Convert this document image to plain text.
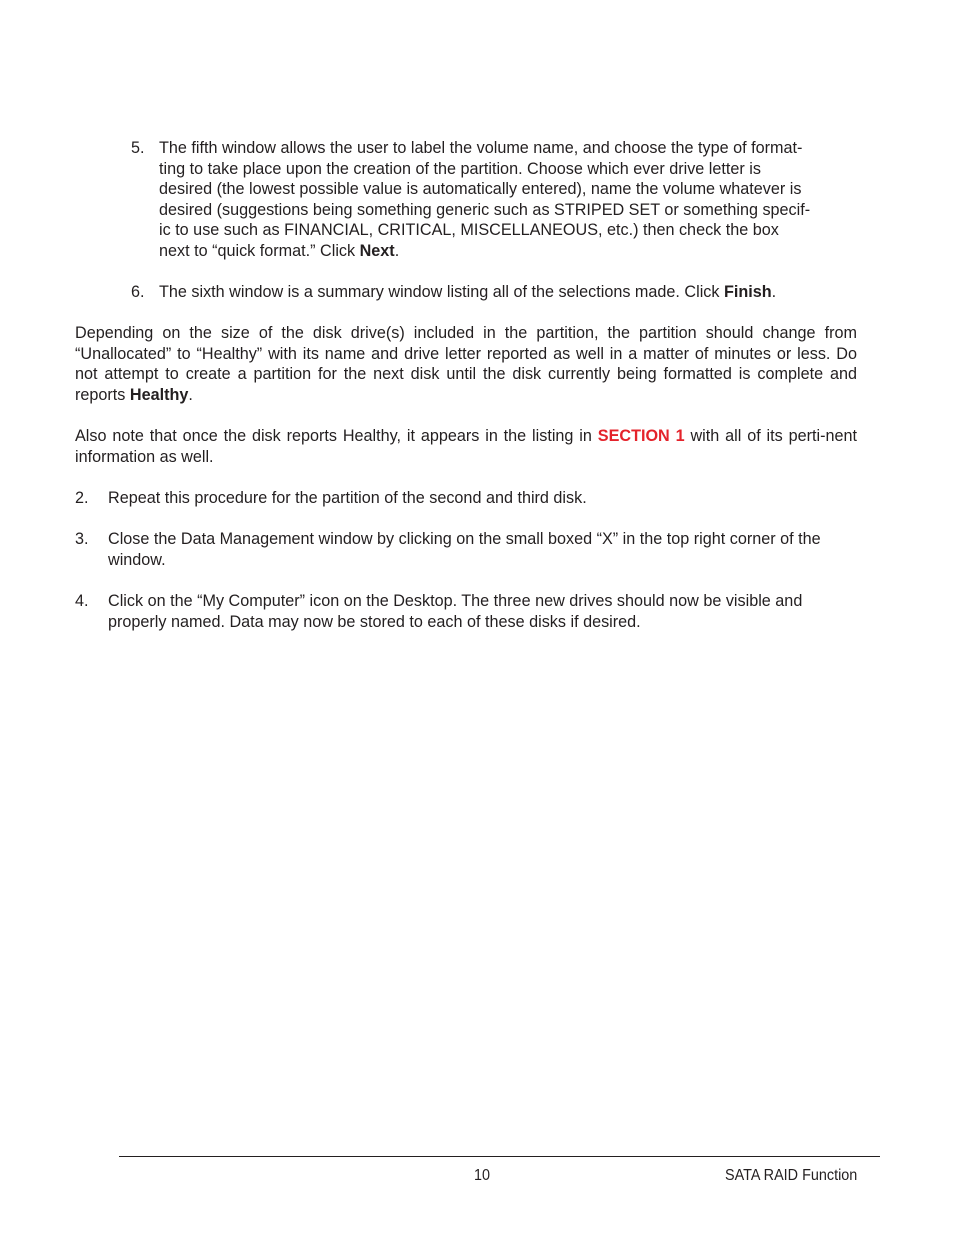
5. The fifth window allows the user to label the volume name, and choose the type of format-
ting to take place upon the creation of the partition. Choose which ever drive letter is
desired (the lowest possible value is automatically entered), name the volume whatever is
desired (suggestions being something generic such as STRIPED SET or something specif-
ic to use such as FINANCIAL, CRITICAL, MISCELLANEOUS, etc.) then check the box
next to “quick format.” Click Next.
6. The sixth window is a summary window listing all of the selections made. Click Finish.
Depending on the size of the disk drive(s) included in the partition, the partition should change from “Unallocated” to “Healthy” with its name and drive letter reported as well in a matter of minutes or less. Do not attempt to create a partition for the next disk until the disk currently being formatted is complete and reports Healthy.
Also note that once the disk reports Healthy, it appears in the listing in SECTION 1 with all of its perti-nent information as well.
2.	Repeat this procedure for the partition of the second and third disk.
3.	Close the Data Management window by clicking on the small boxed “X” in the top right corner of the window.
4.	Click on the “My Computer” icon on the Desktop. The three new drives should now be visible and properly named. Data may now be stored to each of these disks if desired.
10	SATA RAID Function
